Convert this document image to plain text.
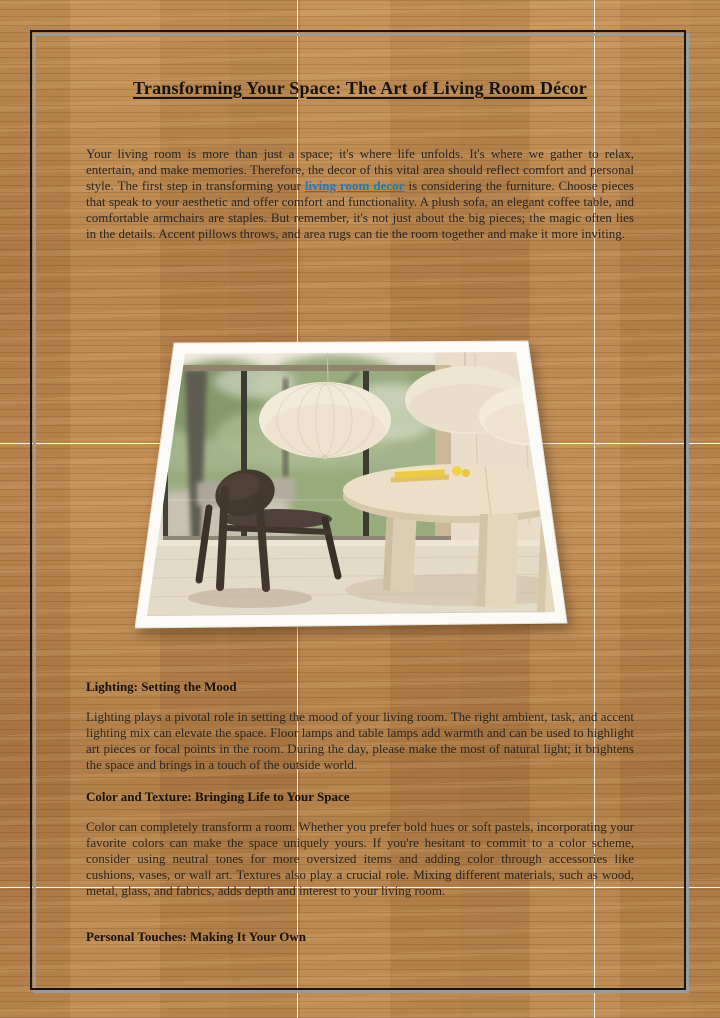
Transforming Your Space: The Art of Living Room Décor

Your living room is more than just a space; it's where life unfolds. It's where we gather to relax, entertain, and make memories. Therefore, the decor of this vital area should reflect comfort and personal style. The first step in transforming your living room decor is considering the furniture. Choose pieces that speak to your aesthetic and offer comfort and functionality. A plush sofa, an elegant coffee table, and comfortable armchairs are staples. But remember, it's not just about the big pieces; the magic often lies in the details. Accent pillows throws, and area rugs can tie the room together and make it more inviting.

Lighting: Setting the Mood

Lighting plays a pivotal role in setting the mood of your living room. The right ambient, task, and accent lighting mix can elevate the space. Floor lamps and table lamps add warmth and can be used to highlight art pieces or focal points in the room. During the day, please make the most of natural light; it brightens the space and brings in a touch of the outside world.

Color and Texture: Bringing Life to Your Space

Color can completely transform a room. Whether you prefer bold hues or soft pastels, incorporating your favorite colors can make the space uniquely yours. If you're hesitant to commit to a color scheme, consider using neutral tones for more oversized items and adding color through accessories like cushions, vases, or wall art. Textures also play a crucial role. Mixing different materials, such as wood, metal, glass, and fabrics, adds depth and interest to your living room.

Personal Touches: Making It Your Own
